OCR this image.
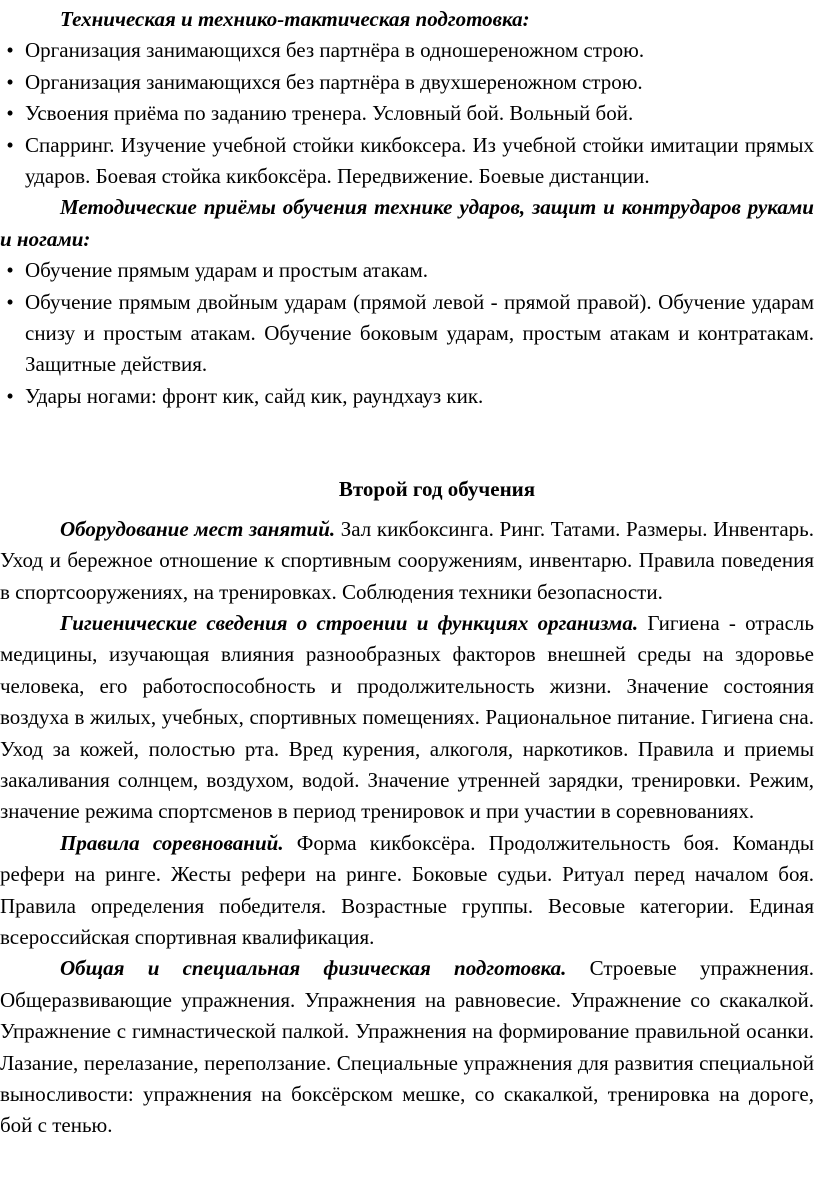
Техническая и технико-тактическая подготовка:

• Организация занимающихся без партнёра в одношереножном строю.
• Организация занимающихся без партнёра в двухшереножном строю.
• Усвоения приёма по заданию тренера. Условный бой. Вольный бой.
• Спарринг. Изучение учебной стойки кикбоксера. Из учебной стойки имитации прямых ударов. Боевая стойка кикбоксёра. Передвижение. Боевые дистанции.

Методические приёмы обучения технике ударов, защит и контрударов руками и ногами:

• Обучение прямым ударам и простым атакам.
• Обучение прямым двойным ударам (прямой левой - прямой правой). Обучение ударам снизу и простым атакам. Обучение боковым ударам, простым атакам и контратакам. Защитные действия.
• Удары ногами: фронт кик, сайд кик, раундхауз кик.

Второй год обучения

Оборудование мест занятий. Зал кикбоксинга. Ринг. Татами. Размеры. Инвентарь. Уход и бережное отношение к спортивным сооружениям, инвентарю. Правила поведения в спортсооружениях, на тренировках. Соблюдения техники безопасности.

Гигиенические сведения о строении и функциях организма. Гигиена - отрасль медицины, изучающая влияния разнообразных факторов внешней среды на здоровье человека, его работоспособность и продолжительность жизни. Значение состояния воздуха в жилых, учебных, спортивных помещениях. Рациональное питание. Гигиена сна. Уход за кожей, полостью рта. Вред курения, алкоголя, наркотиков. Правила и приемы закаливания солнцем, воздухом, водой. Значение утренней зарядки, тренировки. Режим, значение режима спортсменов в период тренировок и при участии в соревнованиях.

Правила соревнований. Форма кикбоксёра. Продолжительность боя. Команды рефери на ринге. Жесты рефери на ринге. Боковые судьи. Ритуал перед началом боя. Правила определения победителя. Возрастные группы. Весовые категории. Единая всероссийская спортивная квалификация.

Общая и специальная физическая подготовка. Строевые упражнения. Общеразвивающие упражнения. Упражнения на равновесие. Упражнение со скакалкой. Упражнение с гимнастической палкой. Упражнения на формирование правильной осанки. Лазание, перелазание, переползание. Специальные упражнения для развития специальной выносливости: упражнения на боксёрском мешке, со скакалкой, тренировка на дороге, бой с тенью.
